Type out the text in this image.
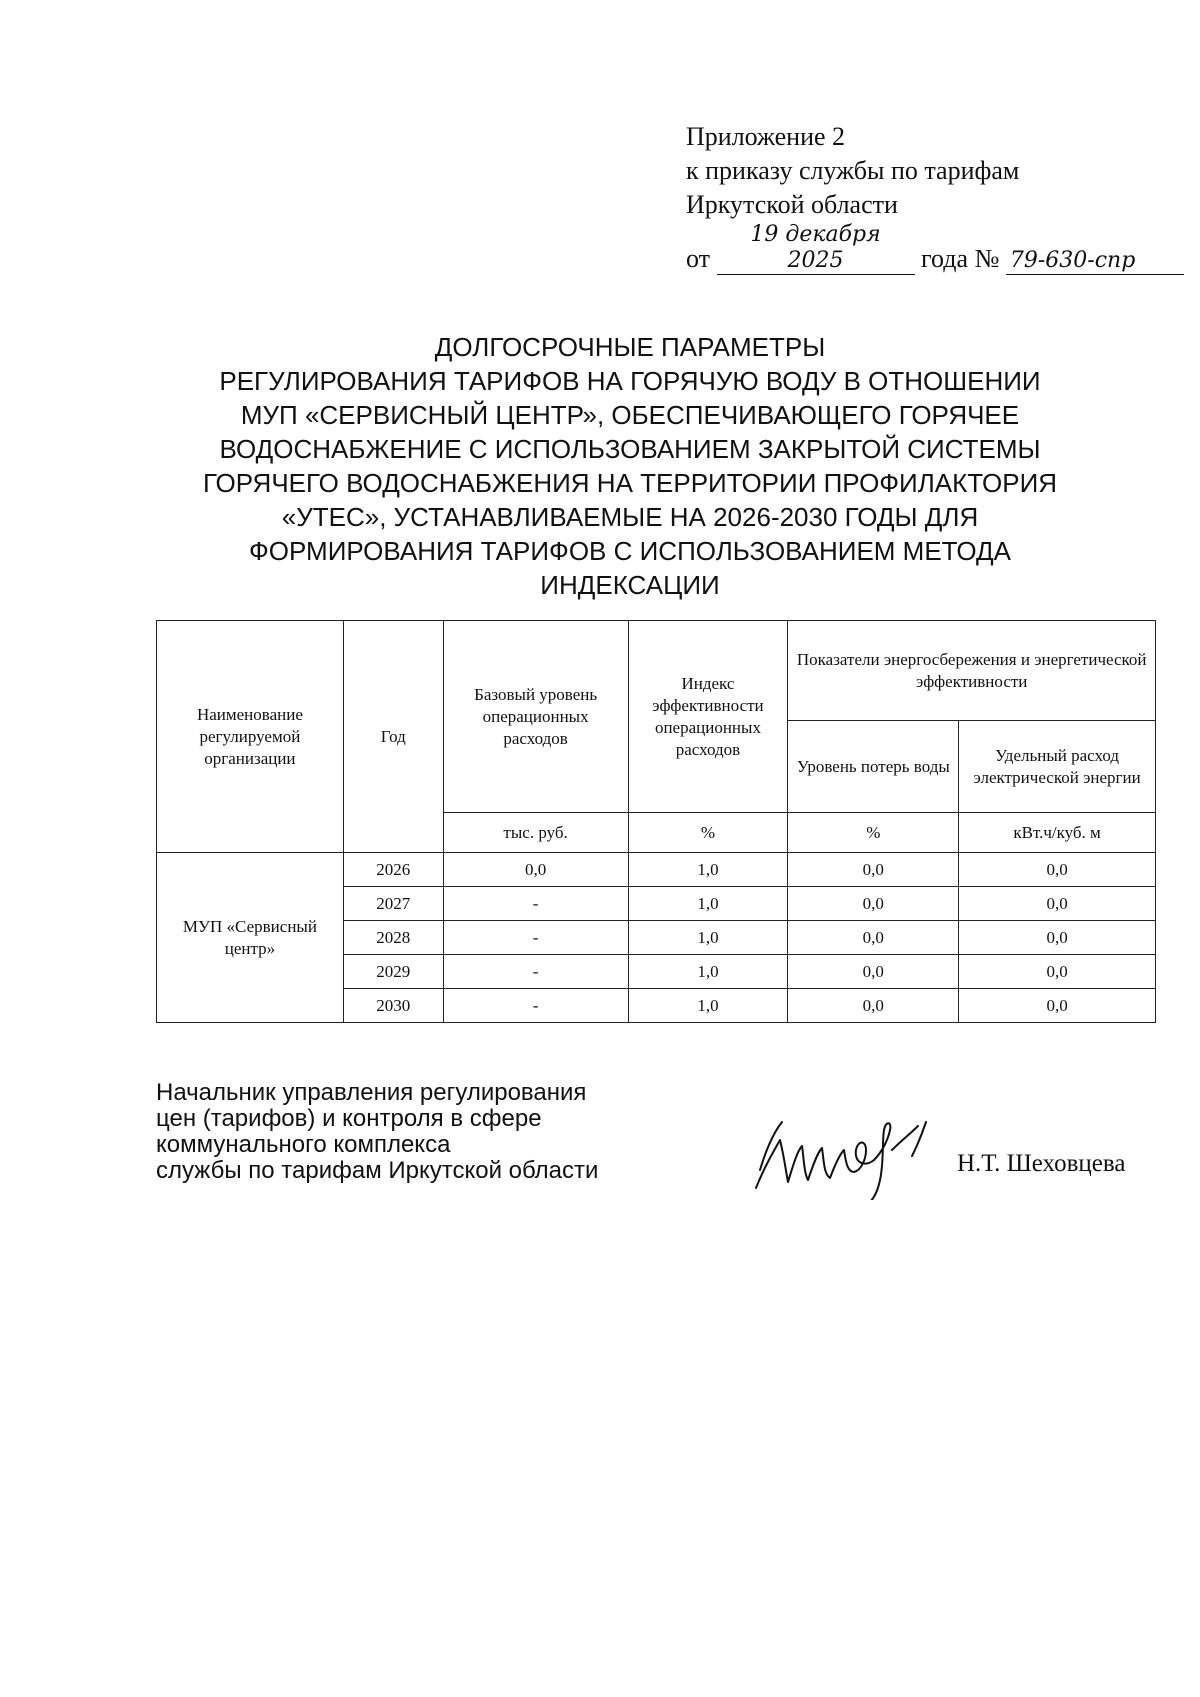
Приложение 2
к приказу службы по тарифам
Иркутской области
от 19 декабря 2025	года № 79-630-спр
ДОЛГОСРОЧНЫЕ ПАРАМЕТРЫ
РЕГУЛИРОВАНИЯ ТАРИФОВ НА ГОРЯЧУЮ ВОДУ В ОТНОШЕНИИ
МУП «СЕРВИСНЫЙ ЦЕНТР», ОБЕСПЕЧИВАЮЩЕГО ГОРЯЧЕЕ
ВОДОСНАБЖЕНИЕ С ИСПОЛЬЗОВАНИЕМ ЗАКРЫТОЙ СИСТЕМЫ
ГОРЯЧЕГО ВОДОСНАБЖЕНИЯ НА ТЕРРИТОРИИ ПРОФИЛАКТОРИЯ
«УТЕС», УСТАНАВЛИВАЕМЫЕ НА 2026-2030 ГОДЫ ДЛЯ
ФОРМИРОВАНИЯ ТАРИФОВ С ИСПОЛЬЗОВАНИЕМ МЕТОДА
ИНДЕКСАЦИИ
Наименование регулируемой организации	Год	Базовый уровень операционных расходов	Индекс эффективности операционных расходов	Показатели энергосбережения и энергетической эффективности	
				Уровень потерь воды	Удельный расход электрической энергии
		тыс. руб.	%	%	кВт.ч/куб. м
МУП «Сервисный центр»	2026	0,0	1,0	0,0	0,0
	2027	-	1,0	0,0	0,0
	2028	-	1,0	0,0	0,0
	2029	-	1,0	0,0	0,0
	2030	-	1,0	0,0	0,0
Начальник управления регулирования
цен (тарифов) и контроля в сфере
коммунального комплекса
службы по тарифам Иркутской области	Н.Т. Шеховцева
